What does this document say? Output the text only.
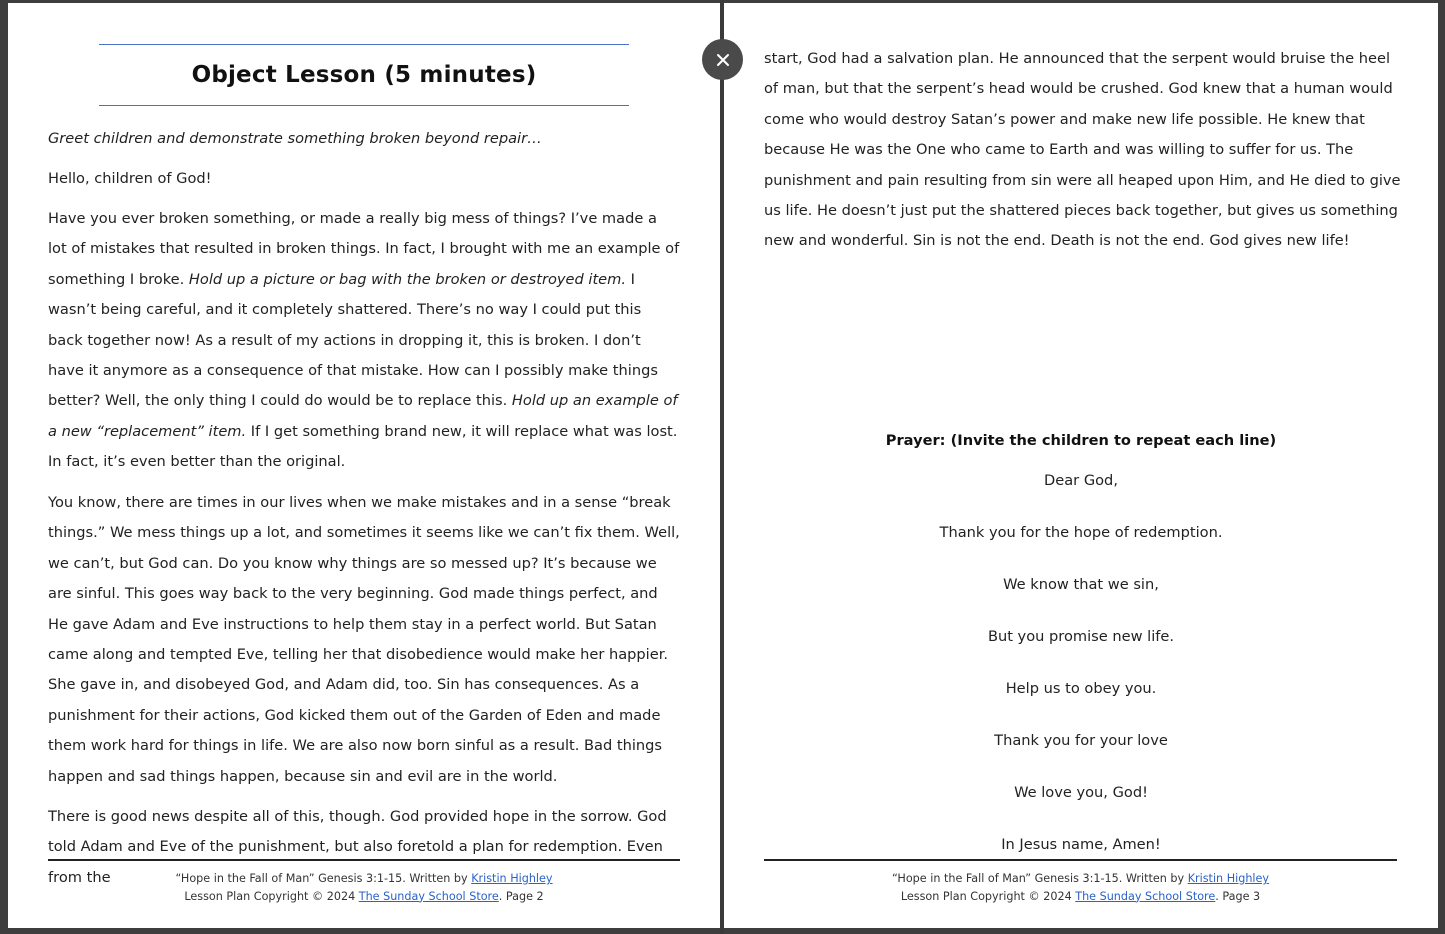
Object Lesson (5 minutes)
Greet children and demonstrate something broken beyond repair…
Hello, children of God!
Have you ever broken something, or made a really big mess of things? I’ve made a lot of mistakes that resulted in broken things. In fact, I brought with me an example of something I broke. Hold up a picture or bag with the broken or destroyed item. I wasn’t being careful, and it completely shattered. There’s no way I could put this back together now! As a result of my actions in dropping it, this is broken. I don’t have it anymore as a consequence of that mistake. How can I possibly make things better? Well, the only thing I could do would be to replace this. Hold up an example of a new “replacement” item. If I get something brand new, it will replace what was lost. In fact, it’s even better than the original.
You know, there are times in our lives when we make mistakes and in a sense “break things.” We mess things up a lot, and sometimes it seems like we can’t fix them. Well, we can’t, but God can. Do you know why things are so messed up? It’s because we are sinful. This goes way back to the very beginning. God made things perfect, and He gave Adam and Eve instructions to help them stay in a perfect world. But Satan came along and tempted Eve, telling her that disobedience would make her happier. She gave in, and disobeyed God, and Adam did, too. Sin has consequences. As a punishment for their actions, God kicked them out of the Garden of Eden and made them work hard for things in life. We are also now born sinful as a result. Bad things happen and sad things happen, because sin and evil are in the world.
There is good news despite all of this, though. God provided hope in the sorrow. God told Adam and Eve of the punishment, but also foretold a plan for redemption. Even from the	“Hope in the Fall of Man” Genesis 3:1-15. Written by Kristin Highley
Lesson Plan Copyright © 2024 The Sunday School Store. Page 2
start, God had a salvation plan. He announced that the serpent would bruise the heel of man, but that the serpent’s head would be crushed. God knew that a human would come who would destroy Satan’s power and make new life possible. He knew that because He was the One who came to Earth and was willing to suffer for us. The punishment and pain resulting from sin were all heaped upon Him, and He died to give us life. He doesn’t just put the shattered pieces back together, but gives us something new and wonderful. Sin is not the end. Death is not the end. God gives new life!
Prayer: (Invite the children to repeat each line)
Dear God,
Thank you for the hope of redemption.
We know that we sin,
But you promise new life.
Help us to obey you.
Thank you for your love
We love you, God!
In Jesus name, Amen!
“Hope in the Fall of Man” Genesis 3:1-15. Written by Kristin Highley
Lesson Plan Copyright © 2024 The Sunday School Store. Page 3
